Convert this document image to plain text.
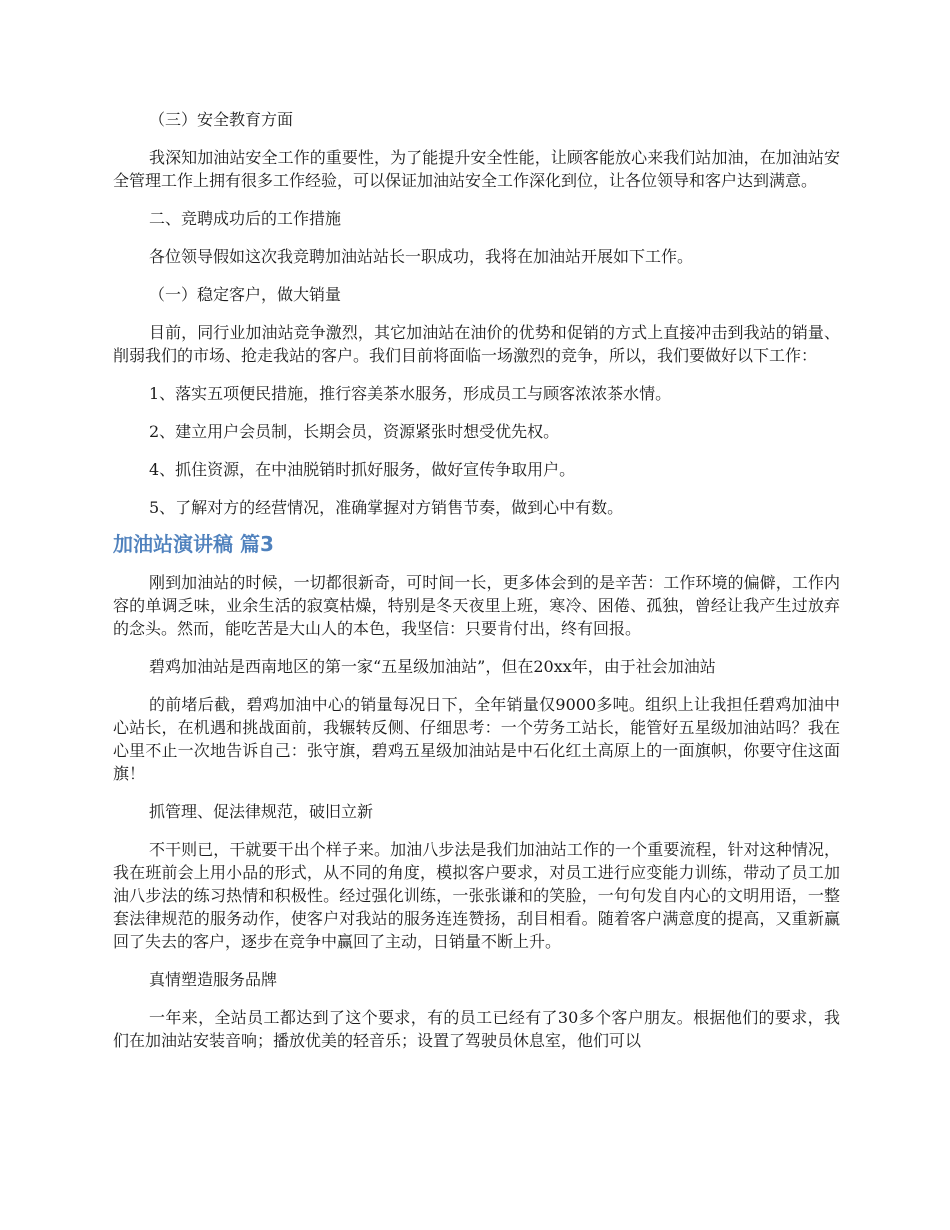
（三）安全教育方面

我深知加油站安全工作的重要性，为了能提升安全性能，让顾客能放心来我们站加油，在加油站安全管理工作上拥有很多工作经验，可以保证加油站安全工作深化到位，让各位领导和客户达到满意。

二、竞聘成功后的工作措施

各位领导假如这次我竞聘加油站站长一职成功，我将在加油站开展如下工作。

（一）稳定客户，做大销量

目前，同行业加油站竞争激烈，其它加油站在油价的优势和促销的方式上直接冲击到我站的销量、削弱我们的市场、抢走我站的客户。我们目前将面临一场激烈的竞争，所以，我们要做好以下工作：

1、落实五项便民措施，推行容美茶水服务，形成员工与顾客浓浓茶水情。

2、建立用户会员制，长期会员，资源紧张时想受优先权。

4、抓住资源，在中油脱销时抓好服务，做好宣传争取用户。

5、了解对方的经营情况，准确掌握对方销售节奏，做到心中有数。

加油站演讲稿 篇3

刚到加油站的时候，一切都很新奇，可时间一长，更多体会到的是辛苦：工作环境的偏僻，工作内容的单调乏味，业余生活的寂寞枯燥，特别是冬天夜里上班，寒冷、困倦、孤独，曾经让我产生过放弃的念头。然而，能吃苦是大山人的本色，我坚信：只要肯付出，终有回报。

碧鸡加油站是西南地区的第一家“五星级加油站”，但在20xx年，由于社会加油站

的前堵后截，碧鸡加油中心的销量每况日下，全年销量仅9000多吨。组织上让我担任碧鸡加油中心站长，在机遇和挑战面前，我辗转反侧、仔细思考：一个劳务工站长，能管好五星级加油站吗？我在心里不止一次地告诉自己：张守旗，碧鸡五星级加油站是中石化红土高原上的一面旗帜，你要守住这面旗！

抓管理、促法律规范，破旧立新

不干则已，干就要干出个样子来。加油八步法是我们加油站工作的一个重要流程，针对这种情况，我在班前会上用小品的形式，从不同的角度，模拟客户要求，对员工进行应变能力训练，带动了员工加油八步法的练习热情和积极性。经过强化训练，一张张谦和的笑脸，一句句发自内心的文明用语，一整套法律规范的服务动作，使客户对我站的服务连连赞扬，刮目相看。随着客户满意度的提高，又重新赢回了失去的客户，逐步在竞争中赢回了主动，日销量不断上升。

真情塑造服务品牌

一年来，全站员工都达到了这个要求，有的员工已经有了30多个客户朋友。根据他们的要求，我们在加油站安装音响；播放优美的轻音乐；设置了驾驶员休息室，他们可以
